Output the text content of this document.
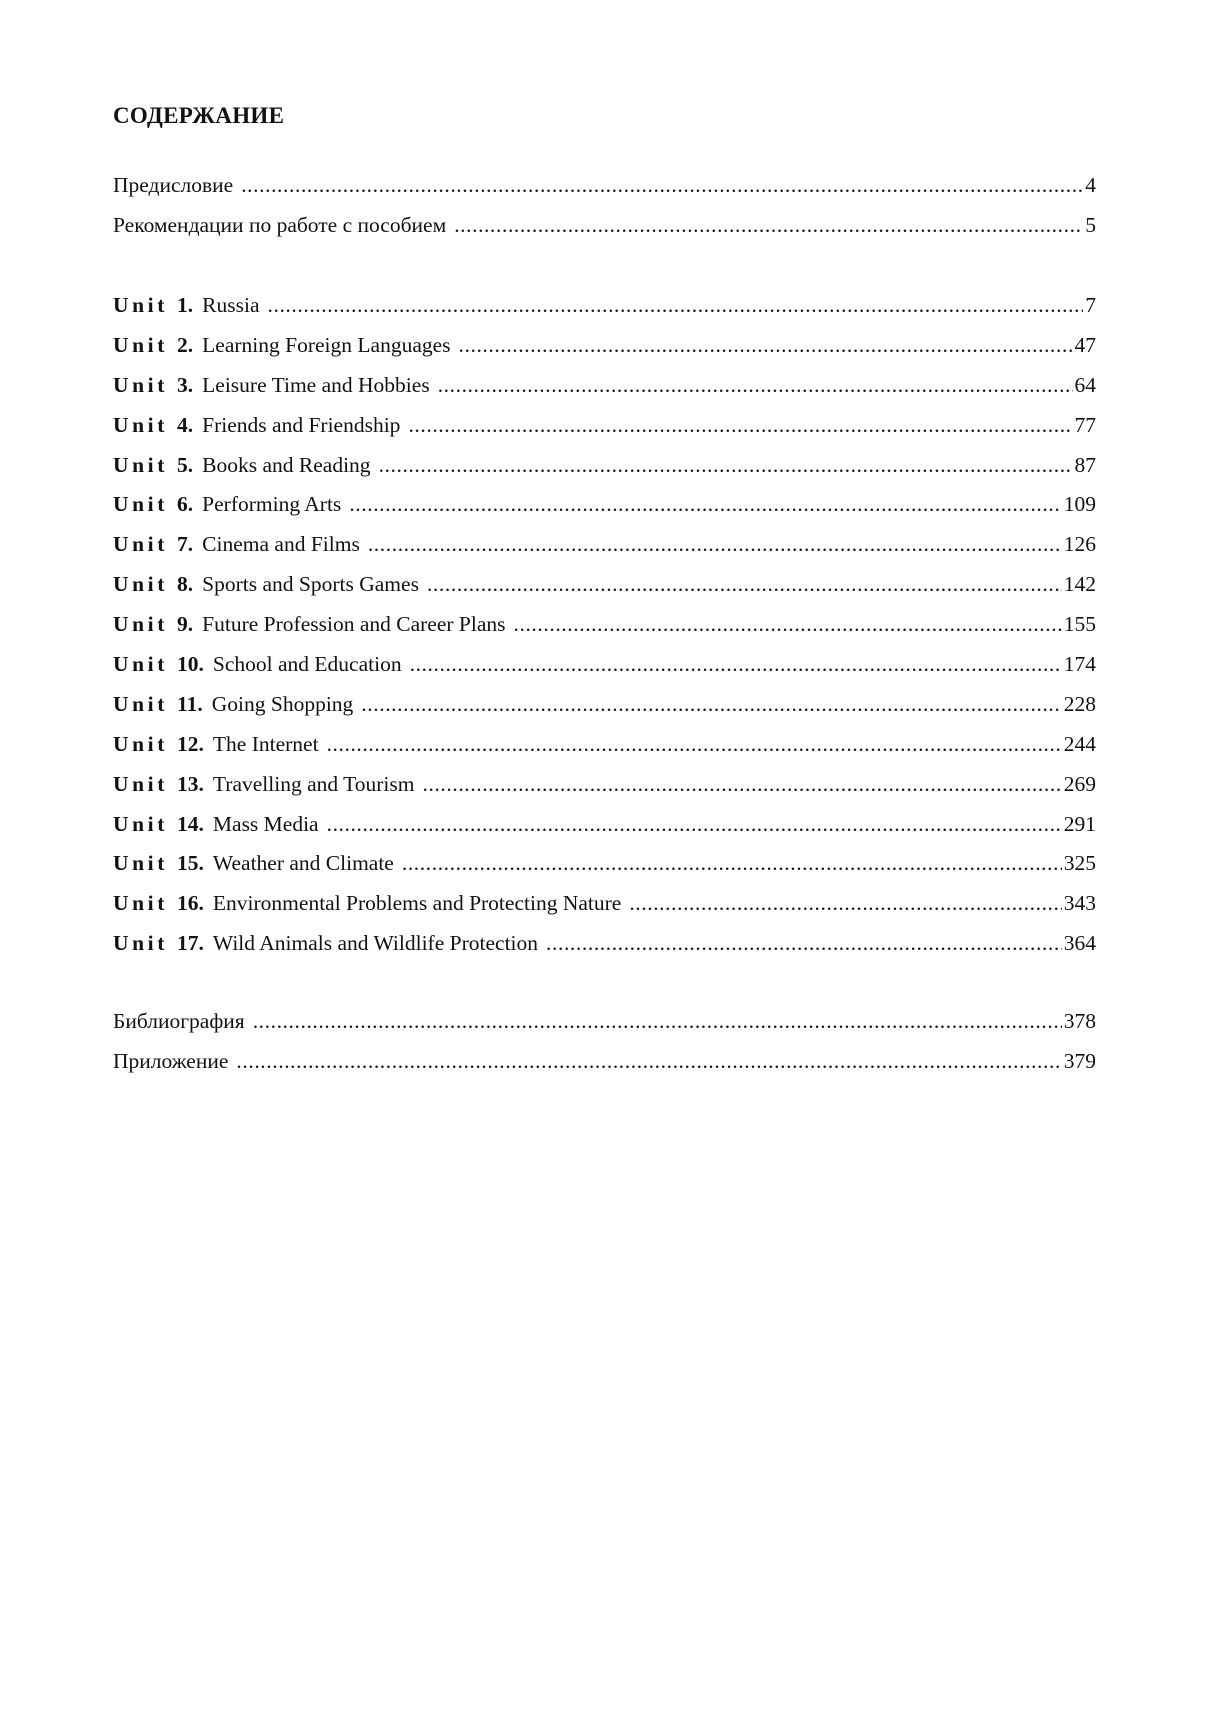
СОДЕРЖАНИЕ
Предисловие .....	4
Рекомендации по работе с пособием .....	5
Unit 1. Russia .....	7
Unit 2. Learning Foreign Languages .....	47
Unit 3. Leisure Time and Hobbies .....	64
Unit 4. Friends and Friendship .....	77
Unit 5. Books and Reading .....	87
Unit 6. Performing Arts .....	109
Unit 7. Cinema and Films .....	126
Unit 8. Sports and Sports Games .....	142
Unit 9. Future Profession and Career Plans .....	155
Unit 10. School and Education .....	174
Unit 11. Going Shopping .....	228
Unit 12. The Internet .....	244
Unit 13. Travelling and Tourism .....	269
Unit 14. Mass Media .....	291
Unit 15. Weather and Climate .....	325
Unit 16. Environmental Problems and Protecting Nature .....	343
Unit 17. Wild Animals and Wildlife Protection .....	364
Библиография .....	378
Приложение .....	379
